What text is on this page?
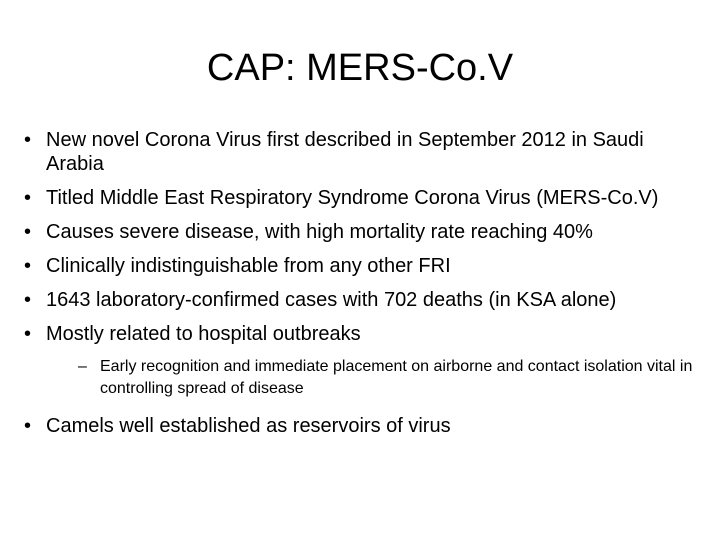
CAP: MERS-Co.V
• New novel Corona Virus first described in September 2012 in Saudi Arabia
• Titled Middle East Respiratory Syndrome Corona Virus (MERS-Co.V)
• Causes severe disease, with high mortality rate reaching 40%
• Clinically indistinguishable from any other FRI
• 1643 laboratory-confirmed cases with 702 deaths (in KSA alone)
• Mostly related to hospital outbreaks
– Early recognition and immediate placement on airborne and contact isolation vital in controlling spread of disease
• Camels well established as reservoirs of virus
